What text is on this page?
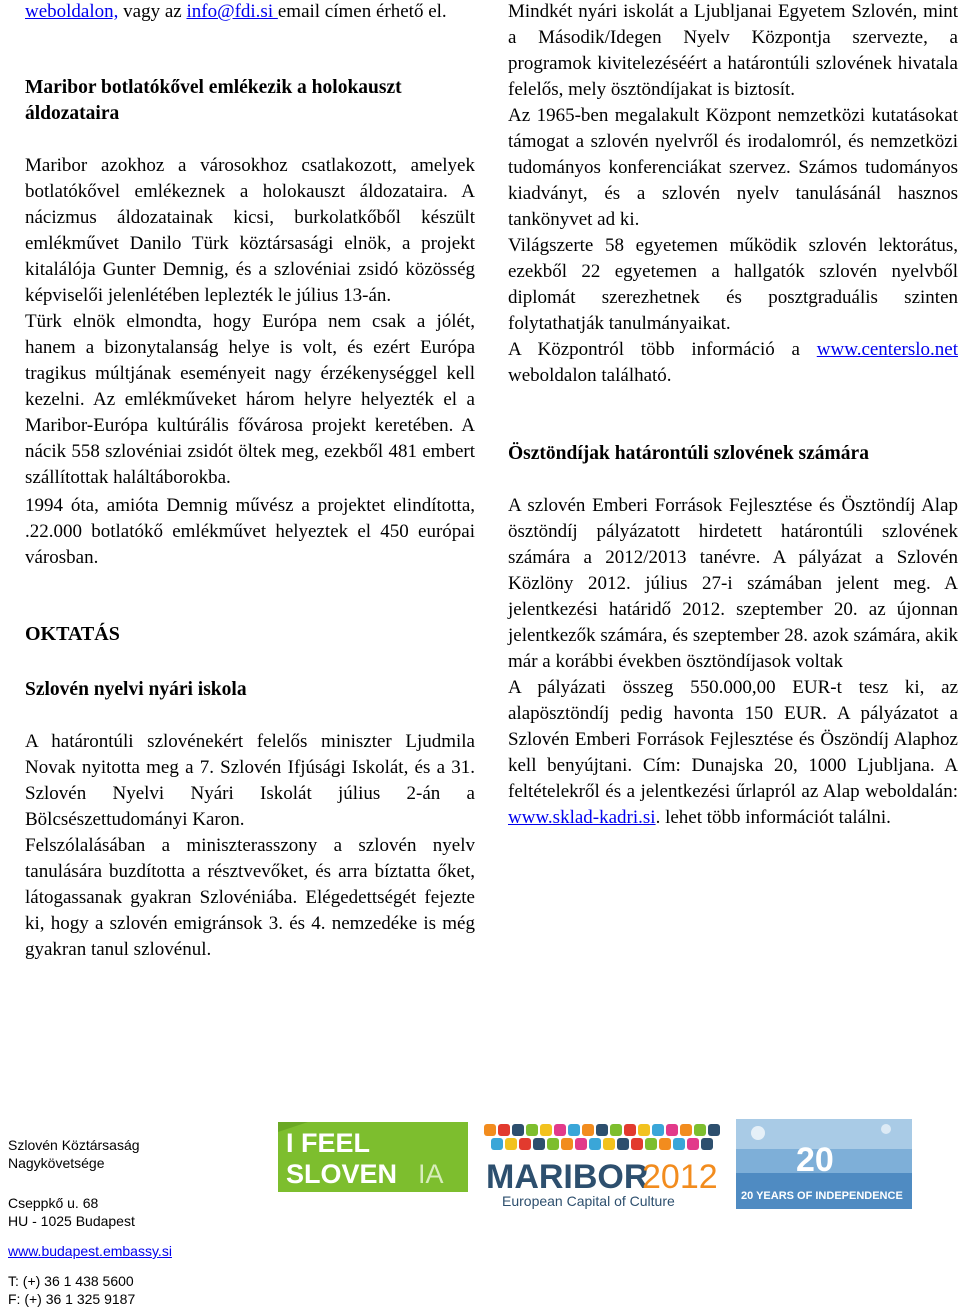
weboldalon, vagy az info@fdi.si email címen érhető el.

Maribor botlatókővel emlékezik a holokauszt áldozataira

Maribor azokhoz a városokhoz csatlakozott, amelyek botlatókővel emlékeznek a holokauszt áldozataira. A nácizmus áldozatainak kicsi, burkolatkőből készült emlékművet Danilo Türk köztársasági elnök, a projekt kitalálója Gunter Demnig, és a szlovéniai zsidó közösség képviselői jelenlétében leplezték le július 13-án.

Türk elnök elmondta, hogy Európa nem csak a jólét, hanem a bizonytalanság helye is volt, és ezért Európa tragikus múltjának eseményeit nagy érzékenységgel kell kezelni. Az emlékműveket három helyre helyezték el a Maribor-Európa kultúrális fővárosa projekt keretében. A nácik 558 szlovéniai zsidót öltek meg, ezekből 481 embert szállítottak haláltáborokba.

1994 óta, amióta Demnig művész a projektet elindította, .22.000 botlatókő emlékművet helyeztek el 450 európai városban.

OKTATÁS
Szlovén nyelvi nyári iskola

A határontúli szlovénekért felelős miniszter Ljudmila Novak nyitotta meg a 7. Szlovén Ifjúsági Iskolát, és a 31. Szlovén Nyelvi Nyári Iskolát július 2-án a Bölcsészettudományi Karon.

Felszólalásában a miniszterasszony a szlovén nyelv tanulására buzdította a résztvevőket, és arra bíztatta őket, látogassanak gyakran Szlovéniába. Elégedettségét fejezte ki, hogy a szlovén emigránsok 3. és 4. nemzedéke is még gyakran tanul szlovénul.

Mindkét nyári iskolát a Ljubljanai Egyetem Szlovén, mint a Második/Idegen Nyelv Központja szervezte, a programok kivitelezéséért a határontúli szlovének hivatala felelős, mely ösztöndíjakat is biztosít.

Az 1965-ben megalakult Központ nemzetközi kutatásokat támogat a szlovén nyelvről és irodalomról, és nemzetközi tudományos konferenciákat szervez. Számos tudományos kiadványt, és a szlovén nyelv tanulásánál hasznos tankönyvet ad ki.

Világszerte 58 egyetemen működik szlovén lektorátus, ezekből 22 egyetemen a hallgatók szlovén nyelvből diplomát szerezhetnek és posztgraduális szinten folytathatják tanulmányaikat.

A Központról több információ a www.centerslo.net weboldalon található.

Ösztöndíjak határontúli szlovének számára

A szlovén Emberi Források Fejlesztése és Ösztöndíj Alap ösztöndíj pályázatott hirdetett határontúli szlovének számára a 2012/2013 tanévre. A pályázat a Szlovén Közlöny 2012. július 27-i számában jelent meg. A jelentkezési határidő 2012. szeptember 20. az újonnan jelentkezők számára, és szeptember 28. azok számára, akik már a korábbi években ösztöndíjasok voltak

A pályázati összeg 550.000,00 EUR-t tesz ki, az alapösztöndíj pedig havonta 150 EUR. A pályázatot a Szlovén Emberi Források Fejlesztése és Öszöndíj Alaphoz kell benyújtani. Cím: Dunajska 20, 1000 Ljubljana. A feltételekről és a jelentkezési űrlapról az Alap weboldalán: www.sklad-kadri.si. lehet több információt találni.

Szlovén Köztársaság
Nagykövetsége
Cseppkő u. 68
HU - 1025 Budapest
www.budapest.embassy.si
T: (+) 36 1 438 5600
F: (+) 36 1 325 9187
I FEEL
SLOVEN IA MARIBOR
2012
European Capital of Culture
20
20 YEARS OF INDEPENDENCE
